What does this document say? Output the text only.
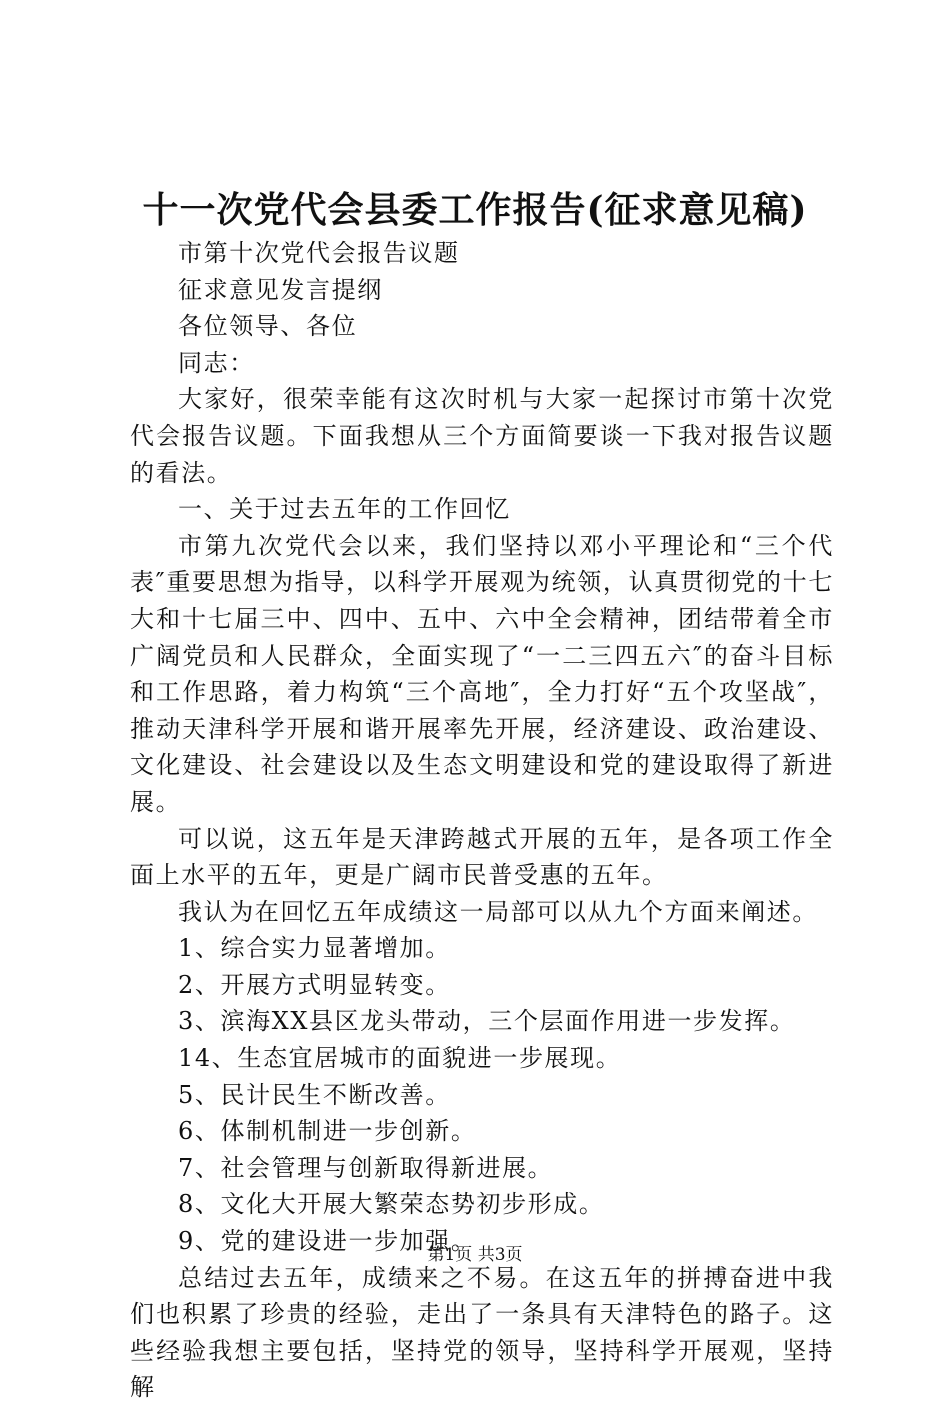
十一次党代会县委工作报告(征求意见稿)

市第十次党代会报告议题

征求意见发言提纲

各位领导、各位

同志：

大家好，很荣幸能有这次时机与大家一起探讨市第十次党代会报告议题。下面我想从三个方面简要谈一下我对报告议题的看法。

一、关于过去五年的工作回忆

市第九次党代会以来，我们坚持以邓小平理论和“三个代表″重要思想为指导，以科学开展观为统领，认真贯彻党的十七大和十七届三中、四中、五中、六中全会精神，团结带着全市广阔党员和人民群众，全面实现了“一二三四五六″的奋斗目标和工作思路，着力构筑“三个高地″，全力打好“五个攻坚战″，推动天津科学开展和谐开展率先开展，经济建设、政治建设、文化建设、社会建设以及生态文明建设和党的建设取得了新进展。

可以说，这五年是天津跨越式开展的五年，是各项工作全面上水平的五年，更是广阔市民普受惠的五年。

我认为在回忆五年成绩这一局部可以从九个方面来阐述。

1、综合实力显著增加。

2、开展方式明显转变。

3、滨海XX县区龙头带动，三个层面作用进一步发挥。

14、生态宜居城市的面貌进一步展现。

5、民计民生不断改善。

6、体制机制进一步创新。

7、社会管理与创新取得新进展。

8、文化大开展大繁荣态势初步形成。

9、党的建设进一步加强。

总结过去五年，成绩来之不易。在这五年的拼搏奋进中我们也积累了珍贵的经验，走出了一条具有天津特色的路子。这些经验我想主要包括，坚持党的领导，坚持科学开展观，坚持解

第1页 共3页
